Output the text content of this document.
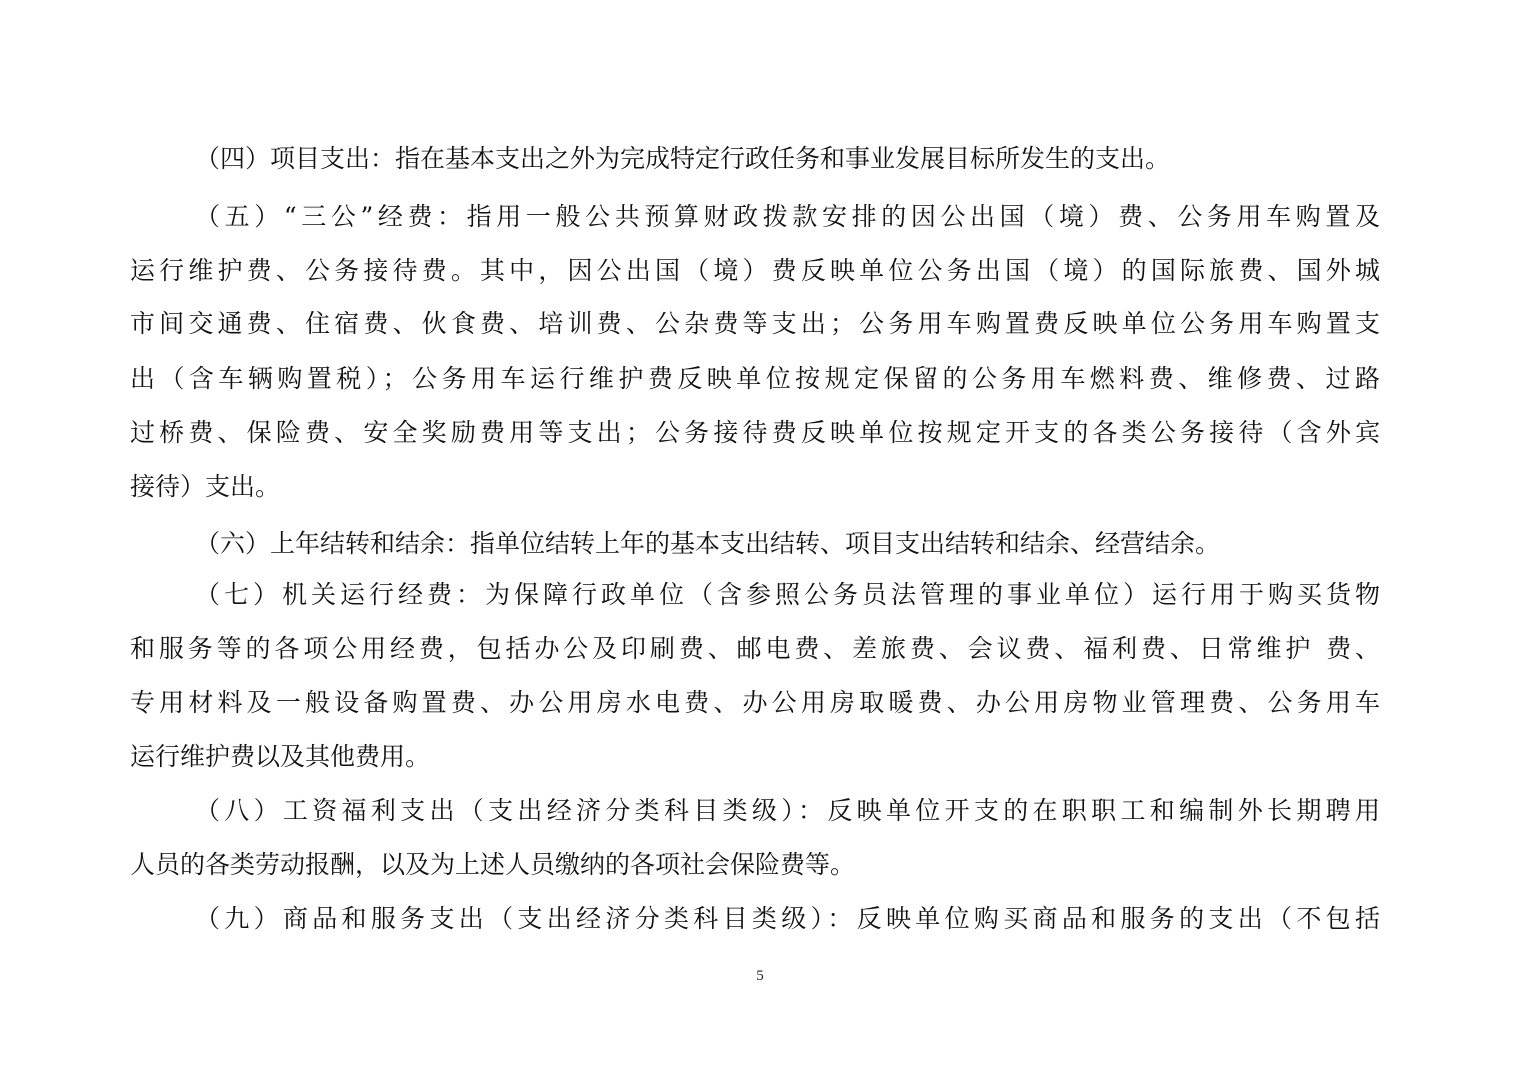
（四）项目支出：指在基本支出之外为完成特定行政任务和事业发展目标所发生的支出。
（五）“三公”经费：指用一般公共预算财政拨款安排的因公出国（境）费、公务用车购置及
运行维护费、公务接待费。其中，因公出国（境）费反映单位公务出国（境）的国际旅费、国外城
市间交通费、住宿费、伙食费、培训费、公杂费等支出；公务用车购置费反映单位公务用车购置支
出（含车辆购置税）；公务用车运行维护费反映单位按规定保留的公务用车燃料费、维修费、过路
过桥费、保险费、安全奖励费用等支出；公务接待费反映单位按规定开支的各类公务接待（含外宾
接待）支出。
（六）上年结转和结余：指单位结转上年的基本支出结转、项目支出结转和结余、经营结余。
（七）机关运行经费：为保障行政单位（含参照公务员法管理的事业单位）运行用于购买货物
和服务等的各项公用经费，包括办公及印刷费、邮电费、差旅费、会议费、福利费、日常维护 费、
专用材料及一般设备购置费、办公用房水电费、办公用房取暖费、办公用房物业管理费、公务用车
运行维护费以及其他费用。
（八）工资福利支出（支出经济分类科目类级）：反映单位开支的在职职工和编制外长期聘用
人员的各类劳动报酬，以及为上述人员缴纳的各项社会保险费等。
（九）商品和服务支出（支出经济分类科目类级）：反映单位购买商品和服务的支出（不包括
5
